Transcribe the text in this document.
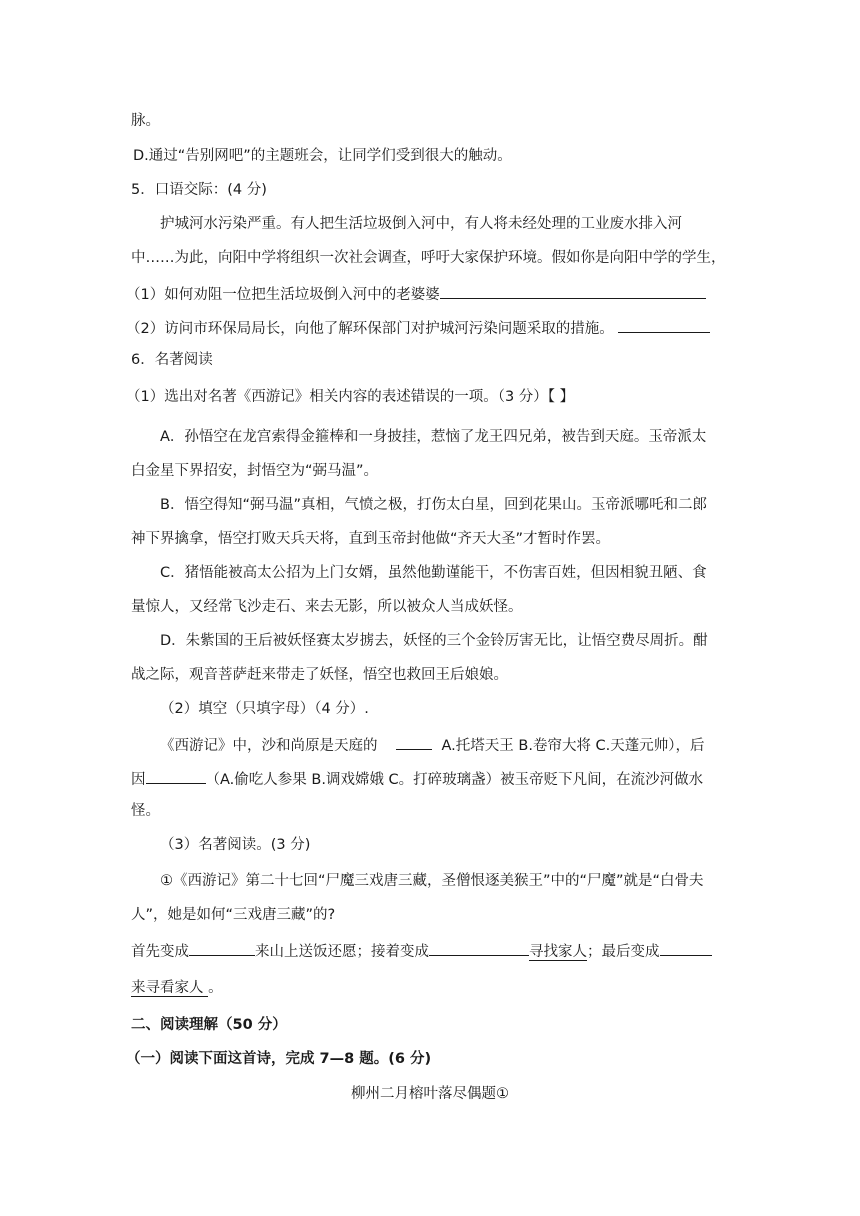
脉。
D.通过“告别网吧”的主题班会，让同学们受到很大的触动。
5．口语交际：(4 分)
护城河水污染严重。有人把生活垃圾倒入河中，有人将未经处理的工业废水排入河
中……为此，向阳中学将组织一次社会调查，呼吁大家保护环境。假如你是向阳中学的学生，
（1）如何劝阻一位把生活垃圾倒入河中的老婆婆
（2）访问市环保局局长，向他了解环保部门对护城河污染问题采取的措施。
6．名著阅读
（1）选出对名著《西游记》相关内容的表述错误的一项。（3 分）【 】
A．孙悟空在龙宫索得金箍棒和一身披挂，惹恼了龙王四兄弟，被告到天庭。玉帝派太
白金星下界招安，封悟空为“弼马温”。
B．悟空得知“弼马温”真相，气愤之极，打伤太白星，回到花果山。玉帝派哪吒和二郎
神下界擒拿，悟空打败天兵天将，直到玉帝封他做“齐天大圣”才暂时作罢。
C．猪悟能被高太公招为上门女婿，虽然他勤谨能干，不伤害百姓，但因相貌丑陋、食
量惊人，又经常飞沙走石、来去无影，所以被众人当成妖怪。
D．朱紫国的王后被妖怪赛太岁掳去，妖怪的三个金铃厉害无比，让悟空费尽周折。酣
战之际，观音菩萨赶来带走了妖怪，悟空也救回王后娘娘。
（2）填空（只填字母）（4 分）.
《西游记》中，沙和尚原是天庭的	A.托塔天王 B.卷帘大将 C.天蓬元帅），后
因	（A.偷吃人参果 B.调戏嫦娥 C。打碎玻璃盏）被玉帝贬下凡间，在流沙河做水
怪。
（3）名著阅读。(3 分)
①《西游记》第二十七回“尸魔三戏唐三藏，圣僧恨逐美猴王”中的“尸魔”就是“白骨夫
人”，她是如何“三戏唐三藏”的?
首先变成	来山上送饭还愿；接着变成	寻找家人；最后变成
来寻看家人 。
二、阅读理解（50 分）
（一）阅读下面这首诗，完成 7—8 题。(6 分)
柳州二月榕叶落尽偶题①
